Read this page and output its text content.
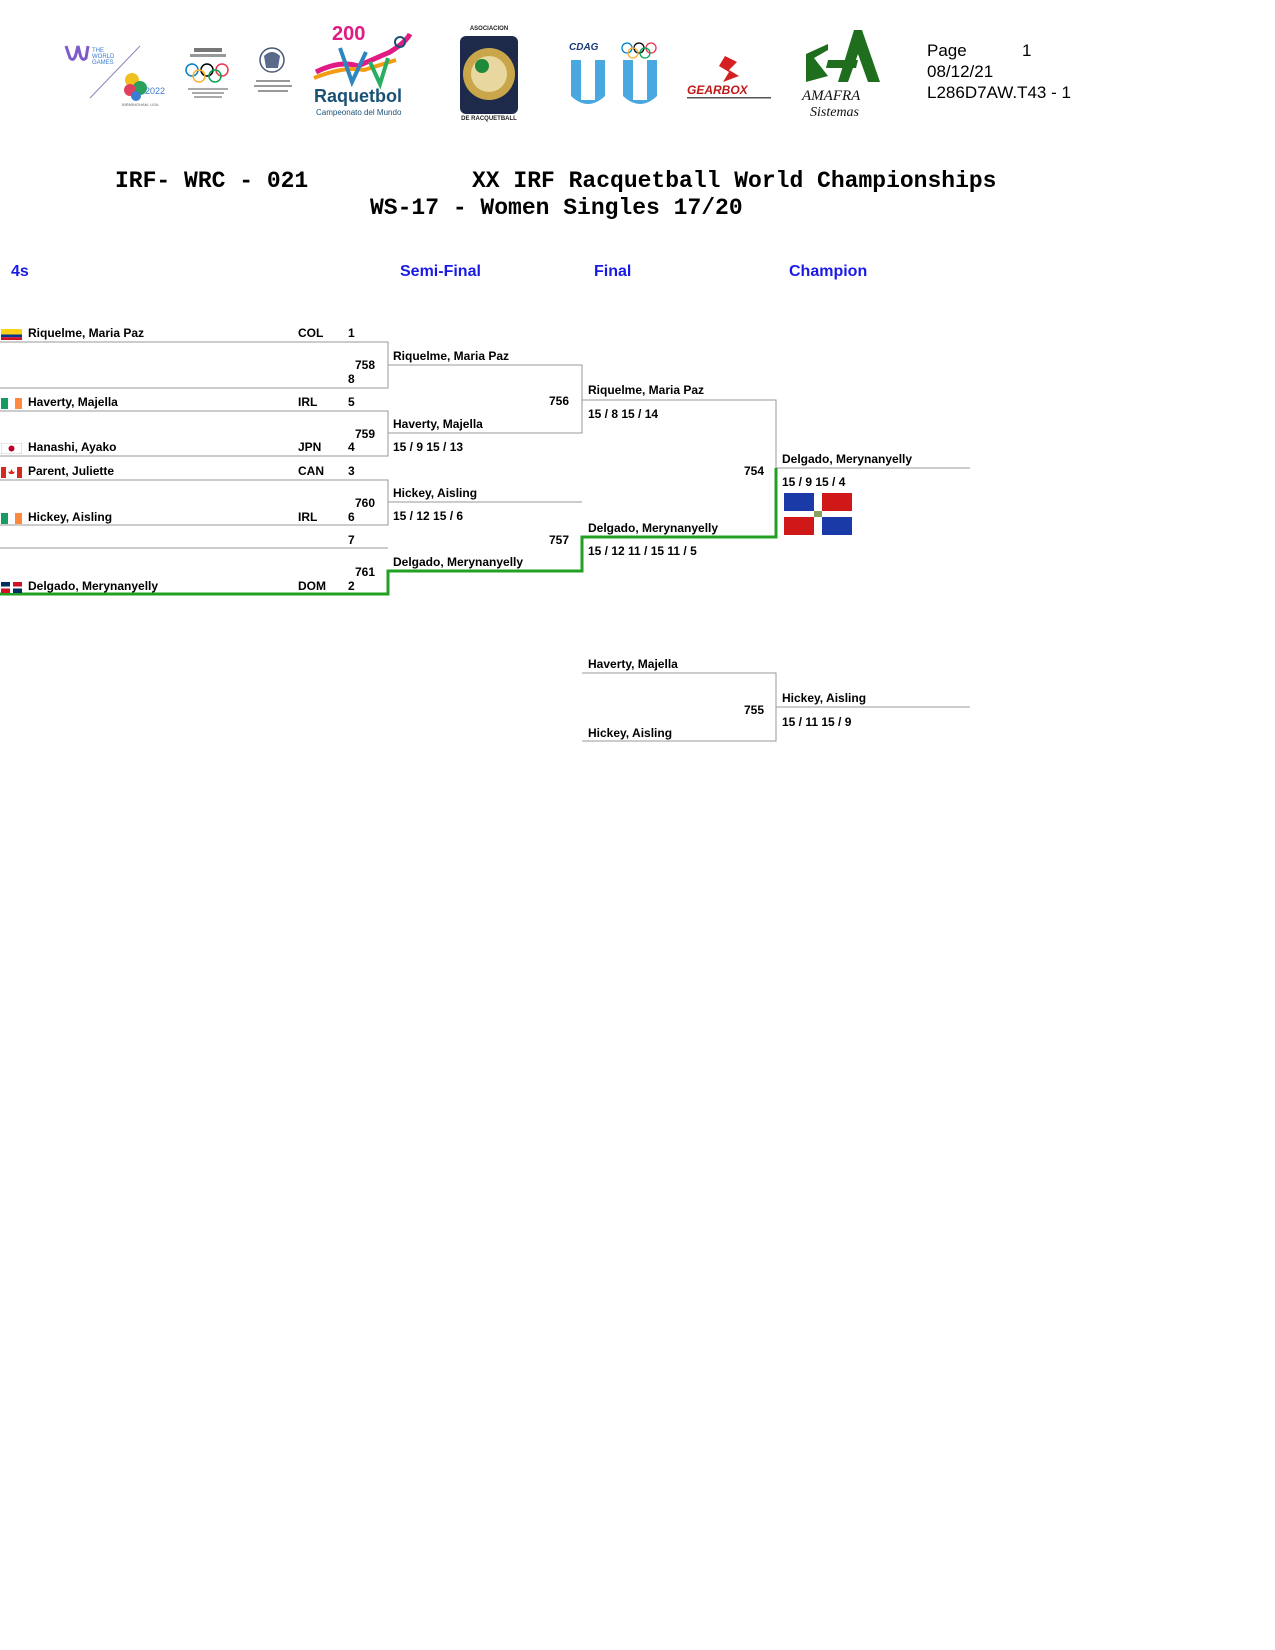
THE
WORLD
GAMES
2022
BIRMINGHAM, USA
200
Raquetbol
Campeonato del Mundo
ASOCIACION
DE RACQUETBALL
CDAG
GEARBOX	AMAFRA
Sistemas
Page	1
08/12/21
L286D7AW.T43 - 1
IRF- WRC - 021	XX IRF Racquetball World Championships
WS-17 - Women Singles 17/20
4s	Semi-Final	Final	Champion
Riquelme, Maria Paz	COL 1
8
Haverty, Majella	IRL	5
Hanashi, Ayako	JPN 4
Parent, Juliette	CAN 3
Hickey, Aisling	IRL	6
7
Delgado, Merynanyelly	DOM 2
758
759
760
761
Riquelme, Maria Paz
Haverty, Majella
15 / 9 15 / 13
Hickey, Aisling
15 / 12 15 / 6
Delgado, Merynanyelly
756
757
Riquelme, Maria Paz
15 / 8 15 / 14
Delgado, Merynanyelly
15 / 12 11 / 15 11 / 5
754
Delgado, Merynanyelly
15 / 9 15 / 4
Haverty, Majella
Hickey, Aisling
755
Hickey, Aisling
15 / 11 15 / 9
